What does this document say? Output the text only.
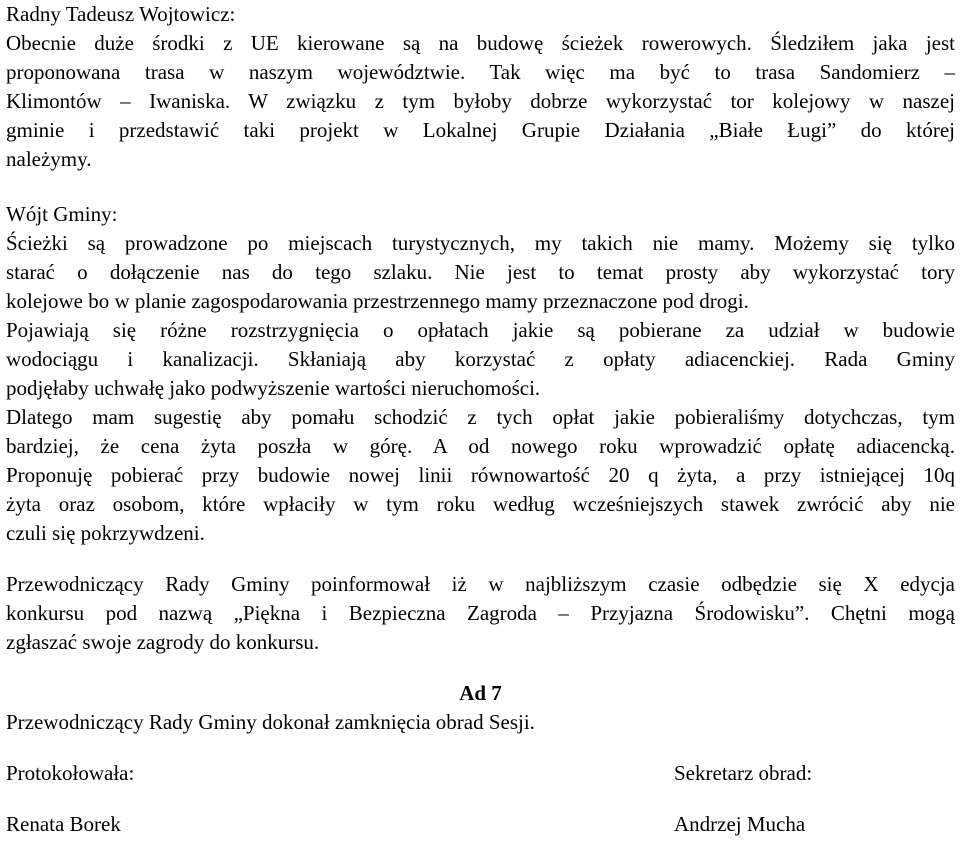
Radny Tadeusz Wojtowicz:
Obecnie duże środki z UE kierowane są na budowę ścieżek rowerowych. Śledziłem jaka jest
proponowana trasa w naszym województwie. Tak więc ma być to trasa Sandomierz –
Klimontów – Iwaniska. W związku z tym byłoby dobrze wykorzystać tor kolejowy w naszej
gminie i przedstawić taki projekt w Lokalnej Grupie Działania „Białe Ługi” do której
należymy.
Wójt Gminy:
Ścieżki są prowadzone po miejscach turystycznych, my takich nie mamy. Możemy się tylko
starać o dołączenie nas do tego szlaku. Nie jest to temat prosty aby wykorzystać tory
kolejowe bo w planie zagospodarowania przestrzennego mamy przeznaczone pod drogi.
Pojawiają się różne rozstrzygnięcia o opłatach jakie są pobierane za udział w budowie
wodociągu i kanalizacji. Skłaniają aby korzystać z opłaty adiacenckiej. Rada Gminy
podjęłaby uchwałę jako podwyższenie wartości nieruchomości.
Dlatego mam sugestię aby pomału schodzić z tych opłat jakie pobieraliśmy dotychczas, tym
bardziej, że cena żyta poszła w górę. A od nowego roku wprowadzić opłatę adiacencką.
Proponuję pobierać przy budowie nowej linii równowartość 20 q żyta, a przy istniejącej 10q
żyta oraz osobom, które wpłaciły w tym roku według wcześniejszych stawek zwrócić aby nie
czuli się pokrzywdzeni.
Przewodniczący Rady Gminy poinformował iż w najbliższym czasie odbędzie się X edycja
konkursu pod nazwą „Piękna i Bezpieczna Zagroda – Przyjazna Środowisku”. Chętni mogą
zgłaszać swoje zagrody do konkursu.
Ad 7
Przewodniczący Rady Gminy dokonał zamknięcia obrad Sesji.
Protokołowała:	Sekretarz obrad:
Renata Borek	Andrzej Mucha
